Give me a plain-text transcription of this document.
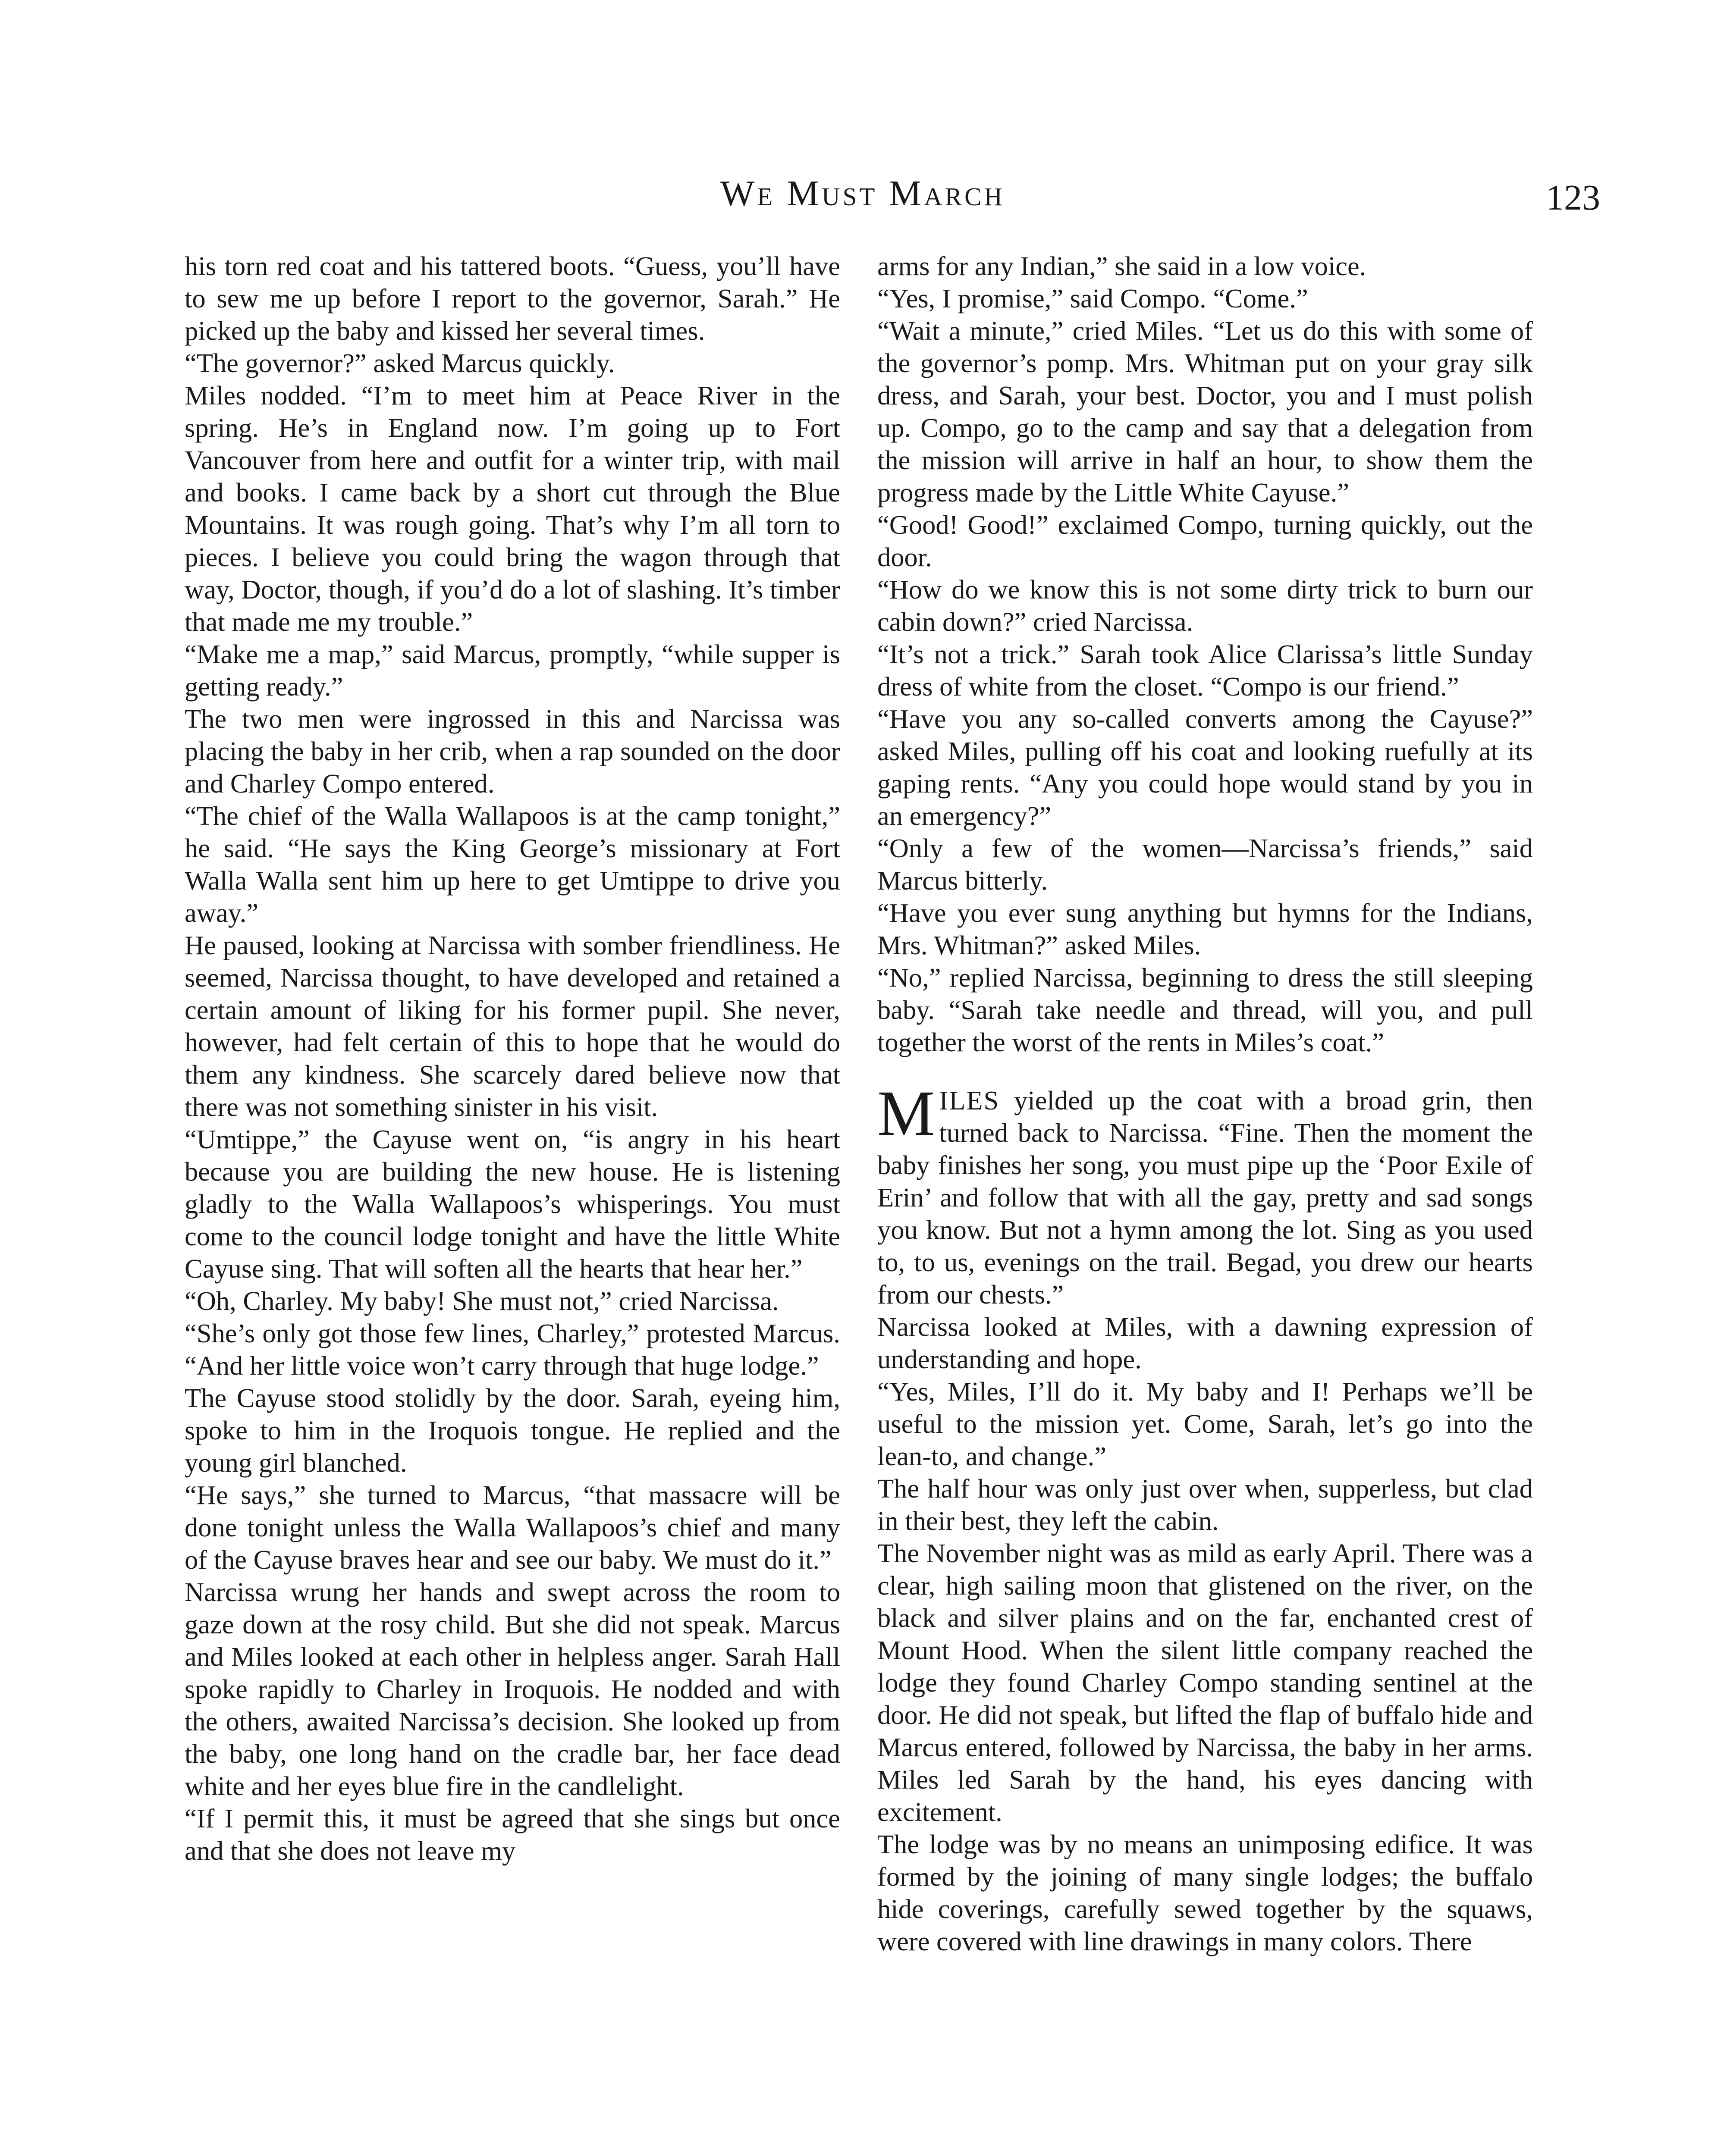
We Must March	123

his torn red coat and his tattered boots. “Guess, you’ll have to sew me up before I report to the governor, Sarah.” He picked up the baby and kissed her several times.

“The governor?” asked Marcus quickly.

Miles nodded. “I’m to meet him at Peace River in the spring. He’s in England now. I’m going up to Fort Vancouver from here and outfit for a winter trip, with mail and books. I came back by a short cut through the Blue Mountains. It was rough going. That’s why I’m all torn to pieces. I believe you could bring the wagon through that way, Doctor, though, if you’d do a lot of slashing. It’s timber that made me my trouble.”

“Make me a map,” said Marcus, promptly, “while supper is getting ready.”

The two men were ingrossed in this and Narcissa was placing the baby in her crib, when a rap sounded on the door and Charley Compo entered.

“The chief of the Walla Wallapoos is at the camp tonight,” he said. “He says the King George’s missionary at Fort Walla Walla sent him up here to get Umtippe to drive you away.”

He paused, looking at Narcissa with somber friendliness. He seemed, Narcissa thought, to have developed and retained a certain amount of liking for his former pupil. She never, however, had felt certain of this to hope that he would do them any kindness. She scarcely dared believe now that there was not something sinister in his visit.

“Umtippe,” the Cayuse went on, “is angry in his heart because you are building the new house. He is listening gladly to the Walla Wallapoos’s whisperings. You must come to the council lodge tonight and have the little White Cayuse sing. That will soften all the hearts that hear her.”

“Oh, Charley. My baby! She must not,” cried Narcissa.

“She’s only got those few lines, Charley,” protested Marcus. “And her little voice won’t carry through that huge lodge.”

The Cayuse stood stolidly by the door. Sarah, eyeing him, spoke to him in the Iroquois tongue. He replied and the young girl blanched.

“He says,” she turned to Marcus, “that massacre will be done tonight unless the Walla Wallapoos’s chief and many of the Cayuse braves hear and see our baby. We must do it.”

Narcissa wrung her hands and swept across the room to gaze down at the rosy child. But she did not speak. Marcus and Miles looked at each other in helpless anger. Sarah Hall spoke rapidly to Charley in Iroquois. He nodded and with the others, awaited Narcissa’s decision. She looked up from the baby, one long hand on the cradle bar, her face dead white and her eyes blue fire in the candlelight.

“If I permit this, it must be agreed that she sings but once and that she does not leave my

arms for any Indian,” she said in a low voice.

“Yes, I promise,” said Compo. “Come.”

“Wait a minute,” cried Miles. “Let us do this with some of the governor’s pomp. Mrs. Whitman put on your gray silk dress, and Sarah, your best. Doctor, you and I must polish up. Compo, go to the camp and say that a delegation from the mission will arrive in half an hour, to show them the progress made by the Little White Cayuse.”

“Good! Good!” exclaimed Compo, turning quickly, out the door.

“How do we know this is not some dirty trick to burn our cabin down?” cried Narcissa.

“It’s not a trick.” Sarah took Alice Clarissa’s little Sunday dress of white from the closet. “Compo is our friend.”

“Have you any so-called converts among the Cayuse?” asked Miles, pulling off his coat and looking ruefully at its gaping rents. “Any you could hope would stand by you in an emergency?”

“Only a few of the women—Narcissa’s friends,” said Marcus bitterly.

“Have you ever sung anything but hymns for the Indians, Mrs. Whitman?” asked Miles.

“No,” replied Narcissa, beginning to dress the still sleeping baby. “Sarah take needle and thread, will you, and pull together the worst of the rents in Miles’s coat.”

MILES yielded up the coat with a broad grin, then turned back to Narcissa. “Fine. Then the moment the baby finishes her song, you must pipe up the ‘Poor Exile of Erin’ and follow that with all the gay, pretty and sad songs you know. But not a hymn among the lot. Sing as you used to, to us, evenings on the trail. Begad, you drew our hearts from our chests.”

Narcissa looked at Miles, with a dawning expression of understanding and hope.

“Yes, Miles, I’ll do it. My baby and I! Perhaps we’ll be useful to the mission yet. Come, Sarah, let’s go into the lean-to, and change.”

The half hour was only just over when, supperless, but clad in their best, they left the cabin.

The November night was as mild as early April. There was a clear, high sailing moon that glistened on the river, on the black and silver plains and on the far, enchanted crest of Mount Hood. When the silent little company reached the lodge they found Charley Compo standing sentinel at the door. He did not speak, but lifted the flap of buffalo hide and Marcus entered, followed by Narcissa, the baby in her arms. Miles led Sarah by the hand, his eyes dancing with excitement.

The lodge was by no means an unimposing edifice. It was formed by the joining of many single lodges; the buffalo hide coverings, carefully sewed together by the squaws, were covered with line drawings in many colors. There
